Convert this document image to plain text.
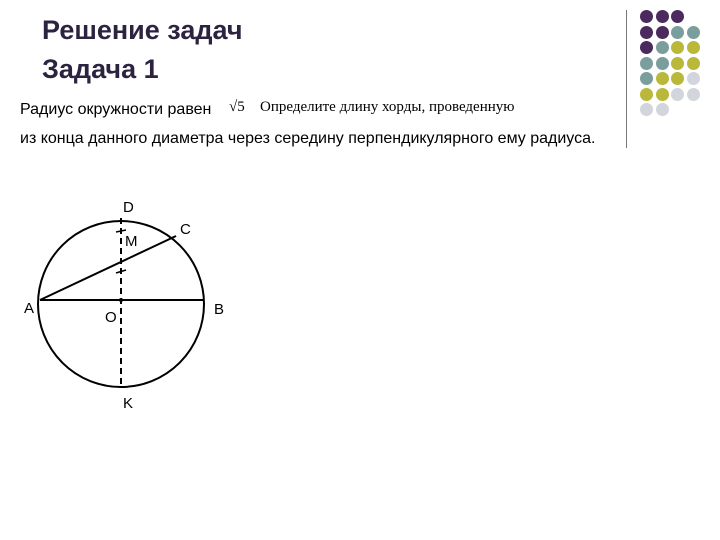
Решение задач
Задача 1
Радиус окружности равен √5 Определите длину хорды, проведенную
из конца данного диаметра через середину перпендикулярного ему радиуса.
D
M
C
A
O	B
K
